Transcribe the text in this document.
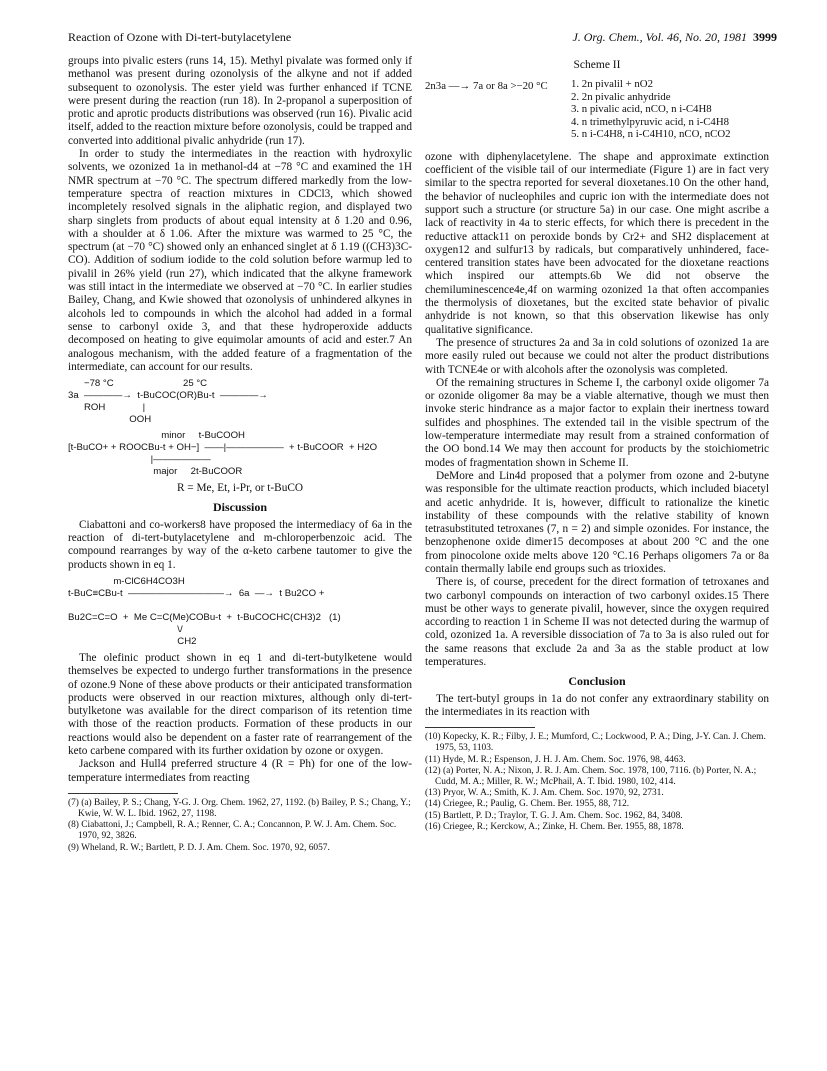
Reaction of Ozone with Di-tert-butylacetylene	J. Org. Chem., Vol. 46, No. 20, 1981 3999

groups into pivalic esters (runs 14, 15). Methyl pivalate was formed only if methanol was present during ozonolysis of the alkyne and not if added subsequent to ozonolysis. The ester yield was further enhanced if TCNE were present during the reaction (run 18). In 2-propanol a superposition of protic and aprotic products distributions was observed (run 16). Pivalic acid itself, added to the reaction mixture before ozonolysis, could be trapped and converted into additional pivalic anhydride (run 17).

In order to study the intermediates in the reaction with hydroxylic solvents, we ozonized 1a in methanol-d4 at −78 °C and examined the 1H NMR spectrum at −70 °C. The spectrum differed markedly from the low-temperature spectra of reaction mixtures in CDCl3, which showed incompletely resolved signals in the aliphatic region, and displayed two sharp singlets from products of about equal intensity at δ 1.20 and 0.96, with a shoulder at δ 1.06. After the mixture was warmed to 25 °C, the spectrum (at −70 °C) showed only an enhanced singlet at δ 1.19 ((CH3)3C-CO). Addition of sodium iodide to the cold solution before warmup led to pivalil in 26% yield (run 27), which indicated that the alkyne framework was still intact in the intermediate we observed at −70 °C. In earlier studies Bailey, Chang, and Kwie showed that ozonolysis of unhindered alkynes in alcohols led to compounds in which the alcohol had added in a formal sense to carbonyl oxide 3, and that these hydroperoxide adducts decomposed on heating to give equimolar amounts of acid and ester.7 An analogous mechanism, with the added feature of a fragmentation of the intermediate, can account for our results.

−78 °C                          25 °C
3a  ————→  t-BuCOC(OR)Bu-t  ————→
ROH              |
OOH
minor     t-BuCOOH
[t-BuCO+ + ROOCBu-t + OH−]  ——|——————  + t-BuCOOR  + H2O
|——————
major     2t-BuCOOR
R = Me, Et, i-Pr, or t-BuCO
Discussion

Ciabattoni and co-workers8 have proposed the intermediacy of 6a in the reaction of di-tert-butylacetylene and m-chloroperbenzoic acid. The compound rearranges by way of the α-keto carbene tautomer to give the products shown in eq 1.

m-ClC6H4CO3H
t-BuC≡CBu-t  ——————————→  6a  —→  t Bu2CO +

Bu2C=C=O  +  Me C=C(Me)COBu-t  +  t-BuCOCHC(CH3)2   (1)
\/
CH2

The olefinic product shown in eq 1 and di-tert-butylketene would themselves be expected to undergo further transformations in the presence of ozone.9 None of these above products or their anticipated transformation products were observed in our reaction mixtures, although only di-tert-butylketone was available for the direct comparison of its retention time with those of the reaction products. Formation of these products in our reactions would also be dependent on a faster rate of rearrangement of the keto carbene compared with its further oxidation by ozone or oxygen.

Jackson and Hull4 preferred structure 4 (R = Ph) for one of the low-temperature intermediates from reacting

(7) (a) Bailey, P. S.; Chang, Y-G. J. Org. Chem. 1962, 27, 1192. (b) Bailey, P. S.; Chang, Y.; Kwie, W. W. L. Ibid. 1962, 27, 1198.
(8) Ciabattoni, J.; Campbell, R. A.; Renner, C. A.; Concannon, P. W. J. Am. Chem. Soc. 1970, 92, 3826.
(9) Wheland, R. W.; Bartlett, P. D. J. Am. Chem. Soc. 1970, 92, 6057.
Scheme II
2n3a —→ 7a or 8a >−20 °C	1. 2n pivalil + nO2
2. 2n pivalic anhydride
3. n pivalic acid, nCO, n i-C4H8
4. n trimethylpyruvic acid, n i-C4H8
5. n i-C4H8, n i-C4H10, nCO, nCO2

ozone with diphenylacetylene. The shape and approximate extinction coefficient of the visible tail of our intermediate (Figure 1) are in fact very similar to the spectra reported for several dioxetanes.10 On the other hand, the behavior of nucleophiles and cupric ion with the intermediate does not support such a structure (or structure 5a) in our case. One might ascribe a lack of reactivity in 4a to steric effects, for which there is precedent in the reductive attack11 on peroxide bonds by Cr2+ and SH2 displacement at oxygen12 and sulfur13 by radicals, but comparatively unhindered, face-centered transition states have been advocated for the dioxetane reactions which inspired our attempts.6b We did not observe the chemiluminescence4e,4f on warming ozonized 1a that often accompanies the thermolysis of dioxetanes, but the excited state behavior of pivalic anhydride is not known, so that this observation likewise has only qualitative significance.

The presence of structures 2a and 3a in cold solutions of ozonized 1a are more easily ruled out because we could not alter the product distributions with TCNE4e or with alcohols after the ozonolysis was completed.

Of the remaining structures in Scheme I, the carbonyl oxide oligomer 7a or ozonide oligomer 8a may be a viable alternative, though we must then invoke steric hindrance as a major factor to explain their inertness toward sulfides and phosphines. The extended tail in the visible spectrum of the low-temperature intermediate may result from a strained conformation of the OO bond.14 We may then account for products by the stoichiometric modes of fragmentation shown in Scheme II.

DeMore and Lin4d proposed that a polymer from ozone and 2-butyne was responsible for the ultimate reaction products, which included biacetyl and acetic anhydride. It is, however, difficult to rationalize the kinetic instability of these compounds with the relative stability of known tetrasubstituted tetroxanes (7, n = 2) and simple ozonides. For instance, the benzophenone oxide dimer15 decomposes at about 200 °C and the one from pinocolone oxide melts above 120 °C.16 Perhaps oligomers 7a or 8a contain thermally labile end groups such as trioxides.

There is, of course, precedent for the direct formation of tetroxanes and two carbonyl compounds on interaction of two carbonyl oxides.15 There must be other ways to generate pivalil, however, since the oxygen required according to reaction 1 in Scheme II was not detected during the warmup of cold, ozonized 1a. A reversible dissociation of 7a to 3a is also ruled out for the same reasons that exclude 2a and 3a as the stable product at low temperatures.

Conclusion

The tert-butyl groups in 1a do not confer any extraordinary stability on the intermediates in its reaction with

(10) Kopecky, K. R.; Filby, J. E.; Mumford, C.; Lockwood, P. A.; Ding, J-Y. Can. J. Chem. 1975, 53, 1103.
(11) Hyde, M. R.; Espenson, J. H. J. Am. Chem. Soc. 1976, 98, 4463.
(12) (a) Porter, N. A.; Nixon, J. R. J. Am. Chem. Soc. 1978, 100, 7116. (b) Porter, N. A.; Cudd, M. A.; Miller, R. W.; McPhail, A. T. Ibid. 1980, 102, 414.
(13) Pryor, W. A.; Smith, K. J. Am. Chem. Soc. 1970, 92, 2731.
(14) Criegee, R.; Paulig, G. Chem. Ber. 1955, 88, 712.
(15) Bartlett, P. D.; Traylor, T. G. J. Am. Chem. Soc. 1962, 84, 3408.
(16) Criegee, R.; Kerckow, A.; Zinke, H. Chem. Ber. 1955, 88, 1878.
